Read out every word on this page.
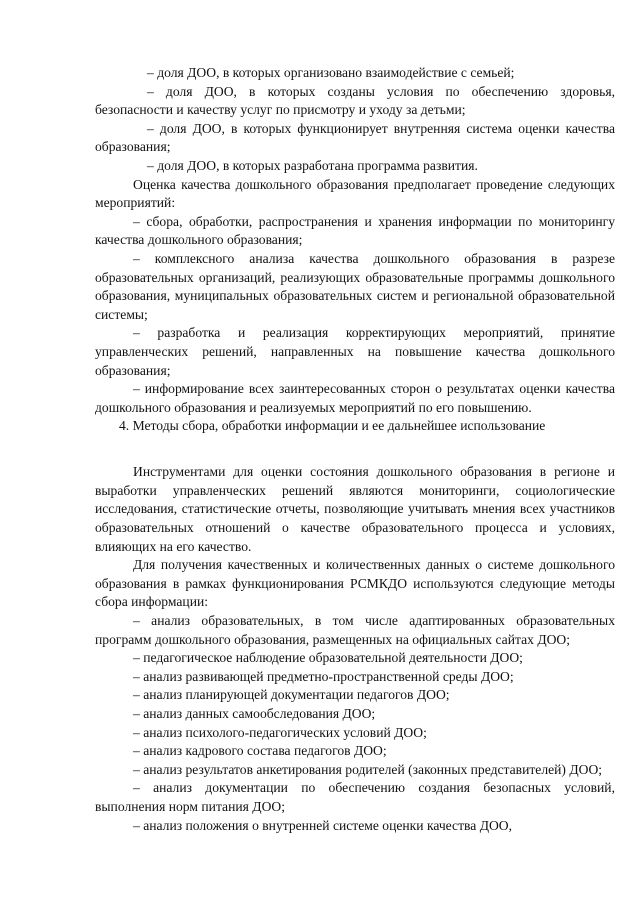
– доля ДОО, в которых организовано взаимодействие с семьей;

– доля ДОО, в которых созданы условия по обеспечению здоровья, безопасности и качеству услуг по присмотру и уходу за детьми;

– доля ДОО, в которых функционирует внутренняя система оценки качества образования;

– доля ДОО, в которых разработана программа развития.

Оценка качества дошкольного образования предполагает проведение следующих мероприятий:

– сбора, обработки, распространения и хранения информации по мониторингу качества дошкольного образования;

– комплексного анализа качества дошкольного образования в разрезе образовательных организаций, реализующих образовательные программы дошкольного образования, муниципальных образовательных систем и региональной образовательной системы;

– разработка и реализация корректирующих мероприятий, принятие управленческих решений, направленных на повышение качества дошкольного образования;

– информирование всех заинтересованных сторон о результатах оценки качества дошкольного образования и реализуемых мероприятий по его повышению.

4. Методы сбора, обработки информации и ее дальнейшее использование

Инструментами для оценки состояния дошкольного образования в регионе и выработки управленческих решений являются мониторинги, социологические исследования, статистические отчеты, позволяющие учитывать мнения всех участников образовательных отношений о качестве образовательного процесса и условиях, влияющих на его качество.

Для получения качественных и количественных данных о системе дошкольного образования в рамках функционирования РСМКДО используются следующие методы сбора информации:

– анализ образовательных, в том числе адаптированных образовательных программ дошкольного образования, размещенных на официальных сайтах ДОО;

– педагогическое наблюдение образовательной деятельности ДОО;

– анализ развивающей предметно-пространственной среды ДОО;

– анализ планирующей документации педагогов ДОО;

– анализ данных самообследования ДОО;

– анализ психолого-педагогических условий ДОО;

– анализ кадрового состава педагогов ДОО;

– анализ результатов анкетирования родителей (законных представителей) ДОО;

– анализ документации по обеспечению создания безопасных условий, выполнения норм питания ДОО;

– анализ положения о внутренней системе оценки качества ДОО,
